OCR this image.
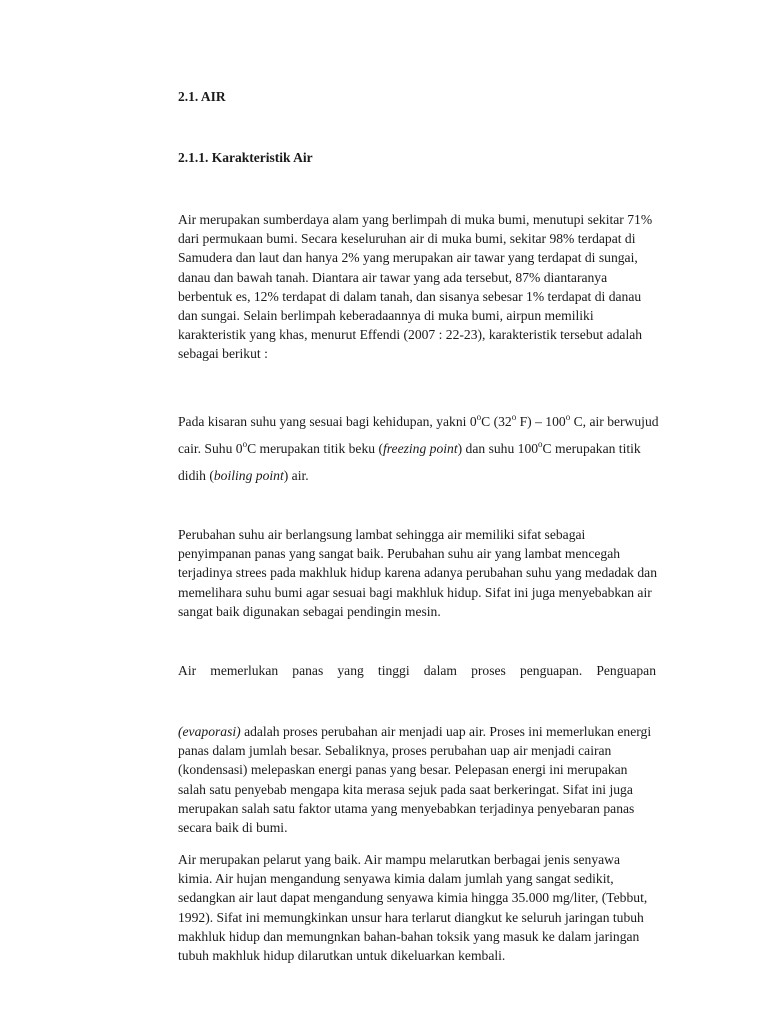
2.1. AIR
2.1.1. Karakteristik Air

Air merupakan sumberdaya alam yang berlimpah di muka bumi, menutupi sekitar 71% dari permukaan bumi. Secara keseluruhan air di muka bumi, sekitar 98% terdapat di Samudera dan laut dan hanya 2% yang merupakan air tawar yang terdapat di sungai, danau dan bawah tanah. Diantara air tawar yang ada tersebut, 87% diantaranya berbentuk es, 12% terdapat di dalam tanah, dan sisanya sebesar 1% terdapat di danau dan sungai. Selain berlimpah keberadaannya di muka bumi, airpun memiliki karakteristik yang khas, menurut Effendi (2007 : 22-23), karakteristik tersebut adalah sebagai berikut :

Pada kisaran suhu yang sesuai bagi kehidupan, yakni 0$^o$C (32$^o$ F) – 100$^o$ C, air berwujud cair. Suhu 0$^o$C merupakan titik beku (freezing point) dan suhu 100$^o$C merupakan titik didih (boiling point) air.

Perubahan suhu air berlangsung lambat sehingga air memiliki sifat sebagai penyimpanan panas yang sangat baik. Perubahan suhu air yang lambat mencegah terjadinya strees pada makhluk hidup karena adanya perubahan suhu yang medadak dan memelihara suhu bumi agar sesuai bagi makhluk hidup. Sifat ini juga menyebabkan air sangat baik digunakan sebagai pendingin mesin.

Air memerlukan panas yang tinggi dalam proses penguapan. Penguapan

(evaporasi) adalah proses perubahan air menjadi uap air. Proses ini memerlukan energi panas dalam jumlah besar. Sebaliknya, proses perubahan uap air menjadi cairan (kondensasi) melepaskan energi panas yang besar. Pelepasan energi ini merupakan salah satu penyebab mengapa kita merasa sejuk pada saat berkeringat. Sifat ini juga merupakan salah satu faktor utama yang menyebabkan terjadinya penyebaran panas secara baik di bumi.

Air merupakan pelarut yang baik. Air mampu melarutkan berbagai jenis senyawa kimia. Air hujan mengandung senyawa kimia dalam jumlah yang sangat sedikit, sedangkan air laut dapat mengandung senyawa kimia hingga 35.000 mg/liter, (Tebbut, 1992). Sifat ini memungkinkan unsur hara terlarut diangkut ke seluruh jaringan tubuh makhluk hidup dan memungnkan bahan-bahan toksik yang masuk ke dalam jaringan tubuh makhluk hidup dilarutkan untuk dikeluarkan kembali.
